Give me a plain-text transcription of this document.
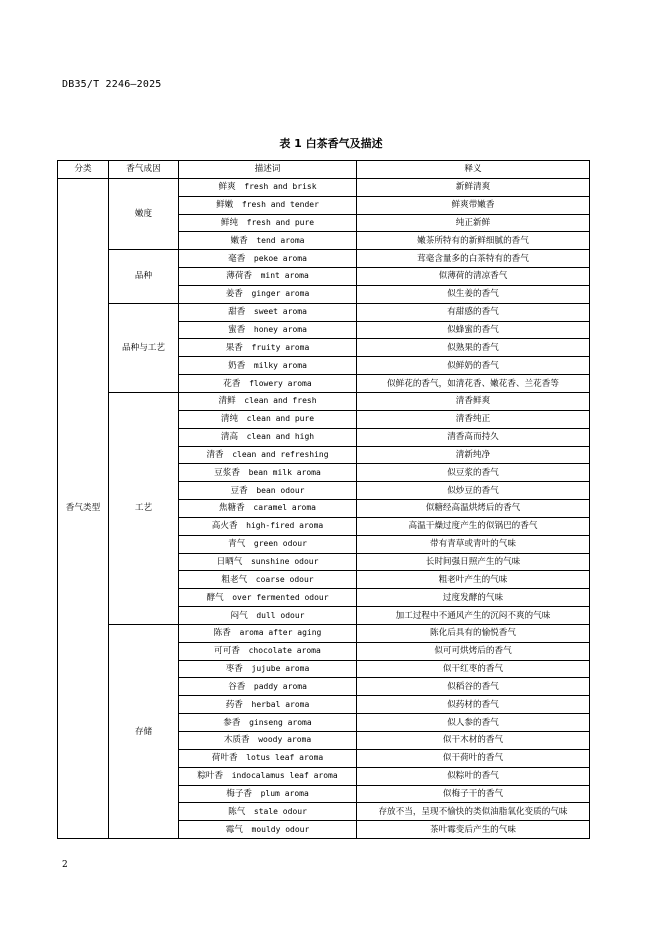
DB35/T 2246—2025
表 1 白茶香气及描述
分类	香气成因	描述词	释义
香气类型	嫩度	鲜爽   fresh and brisk	新鲜清爽
		鲜嫩   fresh and tender	鲜爽带嫩香
		鲜纯   fresh and pure	纯正新鲜
		嫩香   tend aroma	嫩茶所特有的新鲜细腻的香气
	品种	毫香   pekoe aroma	茸毫含量多的白茶特有的香气
		薄荷香   mint aroma	似薄荷的清凉香气
		姜香   ginger aroma	似生姜的香气
	品种与工艺	甜香   sweet aroma	有甜感的香气
		蜜香   honey aroma	似蜂蜜的香气
		果香   fruity aroma	似熟果的香气
		奶香   milky aroma	似鲜奶的香气
		花香   flowery aroma	似鲜花的香气，如清花香、嫩花香、兰花香等
	工艺	清鲜   clean and fresh	清香鲜爽
		清纯   clean and pure	清香纯正
		清高   clean and high	清香高而持久
		清香   clean and refreshing	清新纯净
		豆浆香   bean milk aroma	似豆浆的香气
		豆香   bean odour	似炒豆的香气
		焦糖香   caramel aroma	似糖经高温烘烤后的香气
		高火香   high-fired aroma	高温干燥过度产生的似锅巴的香气
		青气   green odour	带有青草或青叶的气味
		日晒气   sunshine odour	长时间强日照产生的气味
		粗老气   coarse odour	粗老叶产生的气味
		酵气   over fermented odour	过度发酵的气味
		闷气   dull odour	加工过程中不通风产生的沉闷不爽的气味
	存储	陈香   aroma after aging	陈化后具有的愉悦香气
		可可香   chocolate aroma	似可可烘烤后的香气
		枣香   jujube aroma	似干红枣的香气
		谷香   paddy aroma	似稻谷的香气
		药香   herbal aroma	似药材的香气
		参香   ginseng aroma	似人参的香气
		木质香   woody aroma	似干木材的香气
		荷叶香   lotus leaf aroma	似干荷叶的香气
		粽叶香   indocalamus leaf aroma	似粽叶的香气
		梅子香   plum aroma	似梅子干的香气
		陈气   stale odour	存放不当，呈现不愉快的类似油脂氧化变质的气味
		霉气   mouldy odour	茶叶霉变后产生的气味
2
